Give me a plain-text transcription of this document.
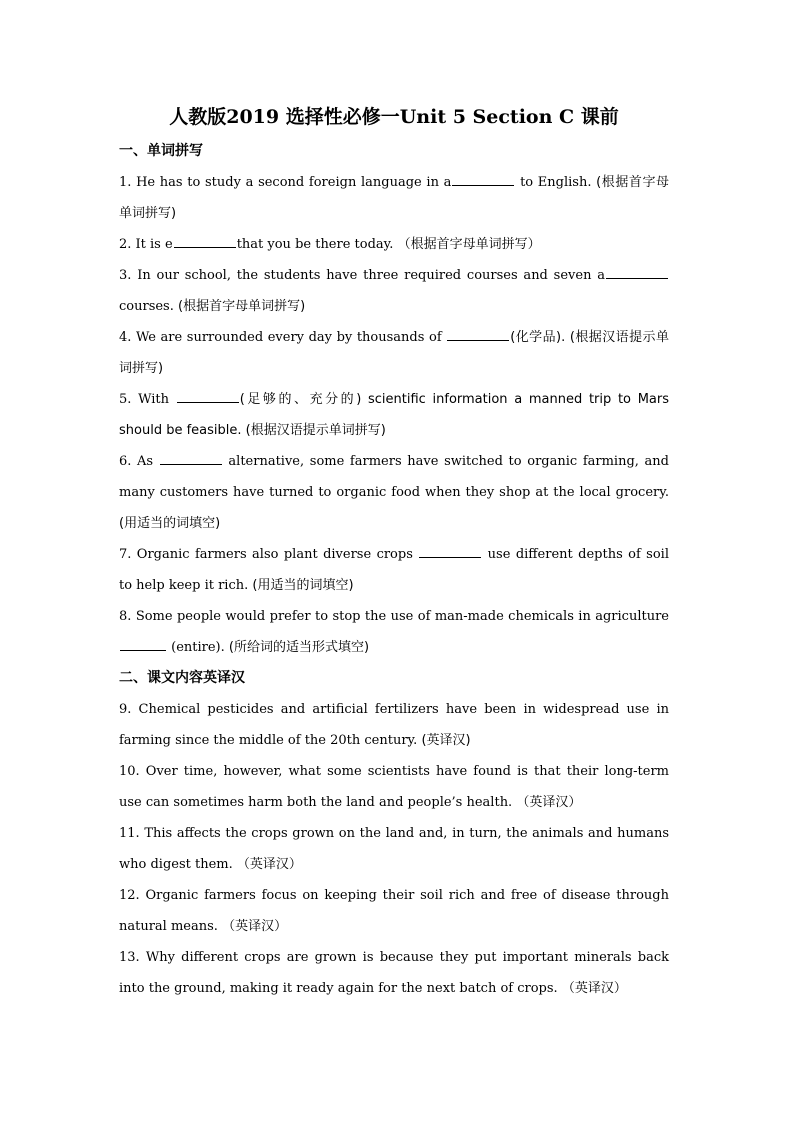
人教版2019 选择性必修一Unit 5 Section C 课前
一、单词拼写

1. He has to study a second foreign language in a	to English. (根据首字母单词拼写)

2. It is e	that you be there today. （根据首字母单词拼写）

3. In our school, the students have three required courses and seven a courses. (根据首字母单词拼写)

4. We are surrounded every day by thousands of	(化学品). (根据汉语提示单词拼写)

5. With	(足够的、充分的) scientific information a manned trip to Mars should be feasible. (根据汉语提示单词拼写)

6. As	alternative, some farmers have switched to organic farming, and many customers have turned to organic food when they shop at the local grocery. (用适当的词填空)

7. Organic farmers also plant diverse crops	use different depths of soil to help keep it rich. (用适当的词填空)

8. Some people would prefer to stop the use of man-made chemicals in agriculture  (entire). (所给词的适当形式填空)

二、课文内容英译汉

9. Chemical pesticides and artificial fertilizers have been in widespread use in farming since the middle of the 20th century. (英译汉)

10. Over time, however, what some scientists have found is that their long-term use can sometimes harm both the land and people’s health. （英译汉）

11. This affects the crops grown on the land and, in turn, the animals and humans who digest them. （英译汉）

12. Organic farmers focus on keeping their soil rich and free of disease through natural means. （英译汉）

13. Why different crops are grown is because they put important minerals back into the ground, making it ready again for the next batch of crops. （英译汉）
